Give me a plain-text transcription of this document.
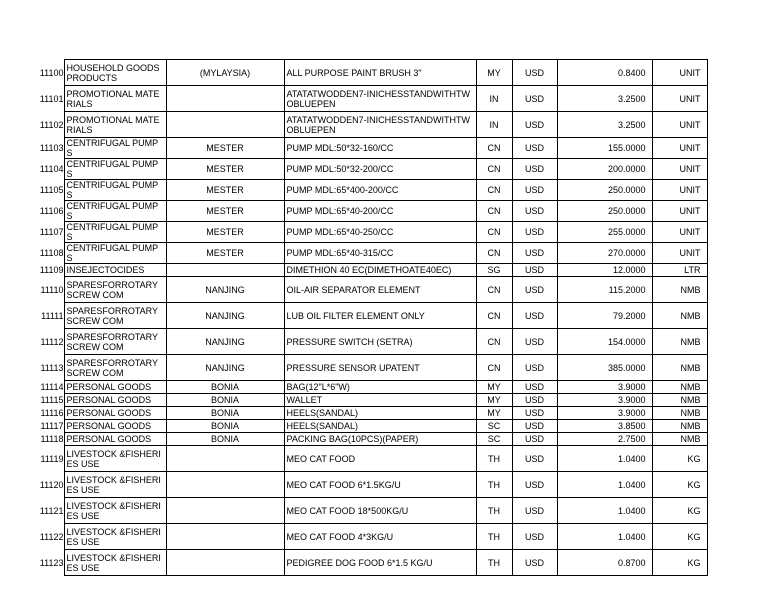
11100	HOUSEHOLD GOODS PRODUCTS	(MYLAYSIA)	ALL PURPOSE PAINT BRUSH 3"	MY	USD	0.8400	UNIT
11101	PROMOTIONAL MATERIALS		ATATATWODDEN7-INICHESSTANDWITHTWOBLUEPEN	IN	USD	3.2500	UNIT
11102	PROMOTIONAL MATERIALS		ATATATWODDEN7-INICHESSTANDWITHTWOBLUEPEN	IN	USD	3.2500	UNIT
11103	CENTRIFUGAL PUMPS	MESTER	PUMP MDL:50*32-160/CC	CN	USD	155.0000	UNIT
11104	CENTRIFUGAL PUMPS	MESTER	PUMP MDL:50*32-200/CC	CN	USD	200.0000	UNIT
11105	CENTRIFUGAL PUMPS	MESTER	PUMP MDL:65*400-200/CC	CN	USD	250.0000	UNIT
11106	CENTRIFUGAL PUMPS	MESTER	PUMP MDL:65*40-200/CC	CN	USD	250.0000	UNIT
11107	CENTRIFUGAL PUMPS	MESTER	PUMP MDL:65*40-250/CC	CN	USD	255.0000	UNIT
11108	CENTRIFUGAL PUMPS	MESTER	PUMP MDL:65*40-315/CC	CN	USD	270.0000	UNIT
11109	INSEJECTOCIDES		DIMETHION 40 EC(DIMETHOATE40EC)	SG	USD	12.0000	LTR
11110	SPARESFORROTARYSCREW COM	NANJING	OIL-AIR SEPARATOR ELEMENT	CN	USD	115.2000	NMB
11111	SPARESFORROTARYSCREW COM	NANJING	LUB OIL FILTER ELEMENT ONLY	CN	USD	79.2000	NMB
11112	SPARESFORROTARYSCREW COM	NANJING	PRESSURE SWITCH (SETRA)	CN	USD	154.0000	NMB
11113	SPARESFORROTARYSCREW COM	NANJING	PRESSURE SENSOR UPATENT	CN	USD	385.0000	NMB
11114	PERSONAL GOODS	BONIA	BAG(12"L*6"W)	MY	USD	3.9000	NMB
11115	PERSONAL GOODS	BONIA	WALLET	MY	USD	3.9000	NMB
11116	PERSONAL GOODS	BONIA	HEELS(SANDAL)	MY	USD	3.9000	NMB
11117	PERSONAL GOODS	BONIA	HEELS(SANDAL)	SC	USD	3.8500	NMB
11118	PERSONAL GOODS	BONIA	PACKING BAG(10PCS)(PAPER)	SC	USD	2.7500	NMB
11119	LIVESTOCK &FISHERIES USE		MEO CAT FOOD	TH	USD	1.0400	KG
11120	LIVESTOCK &FISHERIES USE		MEO CAT FOOD 6*1.5KG/U	TH	USD	1.0400	KG
11121	LIVESTOCK &FISHERIES USE		MEO CAT FOOD 18*500KG/U	TH	USD	1.0400	KG
11122	LIVESTOCK &FISHERIES USE		MEO CAT FOOD 4*3KG/U	TH	USD	1.0400	KG
11123	LIVESTOCK &FISHERIES USE		PEDIGREE DOG FOOD 6*1.5 KG/U	TH	USD	0.8700	KG
